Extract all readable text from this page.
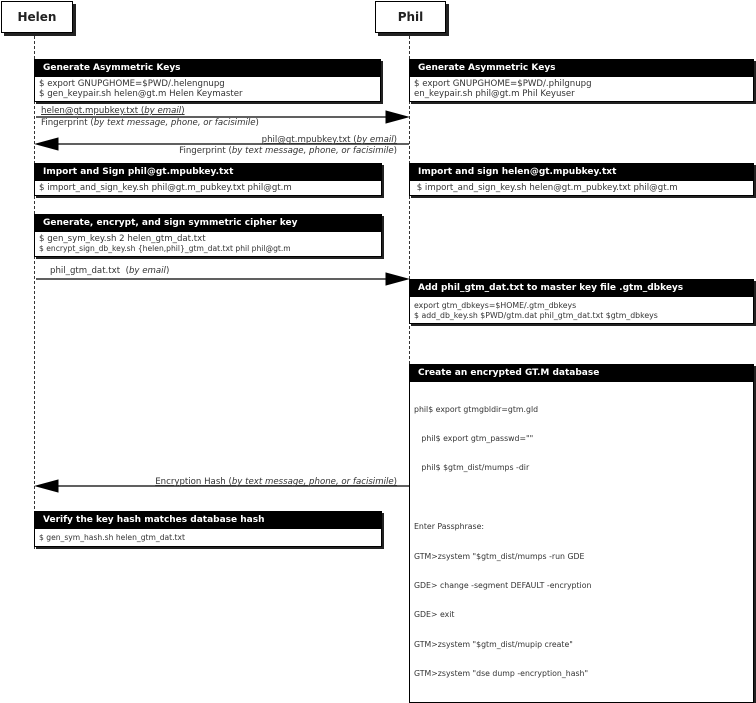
Helen	Phil
Generate Asymmetric Keys
$ export GNUPGHOME=$PWD/.helengnupg
$ gen_keypair.sh helen@gt.m Helen Keymaster
Import and Sign phil@gt.mpubkey.txt
$ import_and_sign_key.sh phil@gt.m_pubkey.txt phil@gt.m
Generate, encrypt, and sign symmetric cipher key
$ gen_sym_key.sh 2 helen_gtm_dat.txt
$ encrypt_sign_db_key.sh {helen,phil}_gtm_dat.txt phil phil@gt.m
Verify the key hash matches database hash
$ gen_sym_hash.sh helen_gtm_dat.txt
Generate Asymmetric Keys
$ export GNUPGHOME=$PWD/.philgnupg
en_keypair.sh phil@gt.m Phil Keyuser
Import and sign helen@gt.mpubkey.txt
$ import_and_sign_key.sh helen@gt.m_pubkey.txt phil@gt.m
Add phil_gtm_dat.txt to master key file .gtm_dbkeys
export gtm_dbkeys=$HOME/.gtm_dbkeys
$ add_db_key.sh $PWD/gtm.dat phil_gtm_dat.txt $gtm_dbkeys
Create an encrypted GT.M database

phil$ export gtmgbldir=gtm.gld

phil$ export gtm_passwd=""

phil$ $gtm_dist/mumps -dir

Enter Passphrase:

GTM>zsystem "$gtm_dist/mumps -run GDE

GDE> change -segment DEFAULT -encryption

GDE> exit

GTM>zsystem "$gtm_dist/mupip create"

GTM>zsystem "dse dump -encryption_hash"

helen@gt.mpubkey.txt (by email)
Fingerprint (by text message, phone, or facisimile)
phil@gt.mpubkey.txt (by email)
Fingerprint (by text message, phone, or facisimile)
phil_gtm_dat.txt  (by email)
Encryption Hash (by text message, phone, or facisimile)
